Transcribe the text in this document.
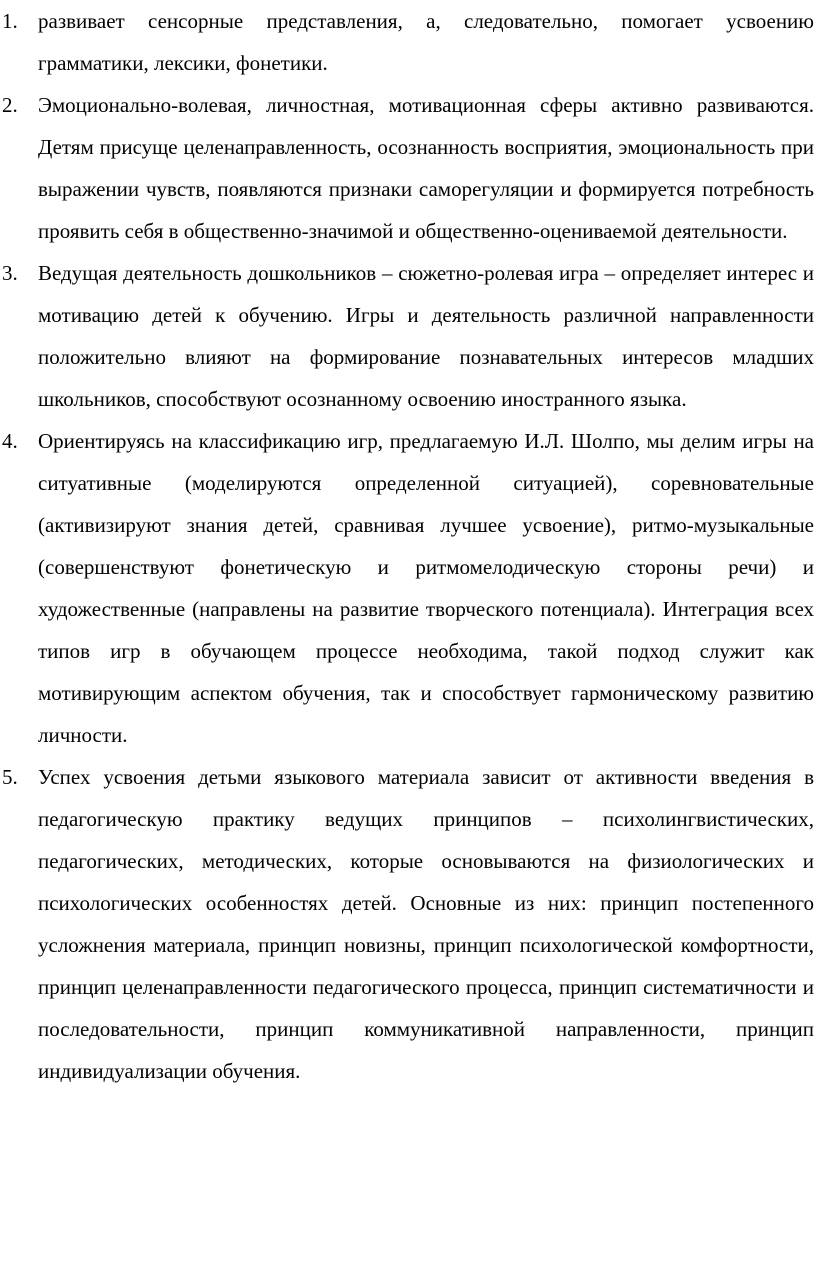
1. развивает сенсорные представления, а, следовательно, помогает усвоению грамматики, лексики, фонетики.
2. Эмоционально-волевая, личностная, мотивационная сферы активно развиваются. Детям присуще целенаправленность, осознанность восприятия, эмоциональность при выражении чувств, появляются признаки саморегуляции и формируется потребность проявить себя в общественно-значимой и общественно-оцениваемой деятельности.
3. Ведущая деятельность дошкольников – сюжетно-ролевая игра – определяет интерес и мотивацию детей к обучению. Игры и деятельность различной направленности положительно влияют на формирование познавательных интересов младших школьников, способствуют осознанному освоению иностранного языка.
4. Ориентируясь на классификацию игр, предлагаемую И.Л. Шолпо, мы делим игры на ситуативные (моделируются определенной ситуацией), соревновательные (активизируют знания детей, сравнивая лучшее усвоение), ритмо-музыкальные (совершенствуют фонетическую и ритмомелодическую стороны речи) и художественные (направлены на развитие творческого потенциала). Интеграция всех типов игр в обучающем процессе необходима, такой подход служит как мотивирующим аспектом обучения, так и способствует гармоническому развитию личности.
5. Успех усвоения детьми языкового материала зависит от активности введения в педагогическую практику ведущих принципов – психолингвистических, педагогических, методических, которые основываются на физиологических и психологических особенностях детей. Основные из них: принцип постепенного усложнения материала, принцип новизны, принцип психологической комфортности, принцип целенаправленности педагогического процесса, принцип систематичности и последовательности, принцип коммуникативной направленности, принцип индивидуализации обучения.
